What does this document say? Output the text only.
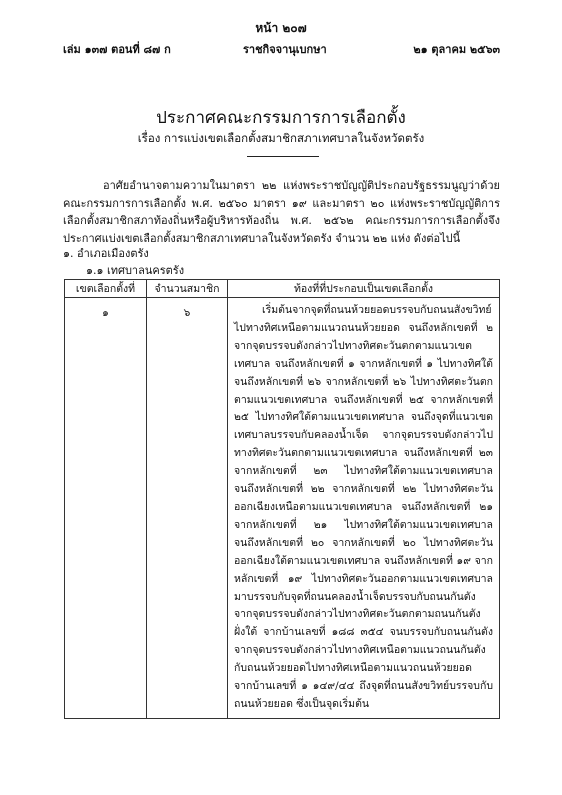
หน้า ๒๐๗
เล่ม ๑๓๗ ตอนที่ ๘๗ ก	ราชกิจจานุเบกษา	๒๑ ตุลาคม ๒๕๖๓
ประกาศคณะกรรมการการเลือกตั้ง
เรื่อง การแบ่งเขตเลือกตั้งสมาชิกสภาเทศบาลในจังหวัดตรัง
อาศัยอำนาจตามความในมาตรา ๒๒ แห่งพระราชบัญญัติประกอบรัฐธรรมนูญว่าด้วยคณะกรรมการการเลือกตั้ง พ.ศ. ๒๕๖๐ มาตรา ๑๙ และมาตรา ๒๐ แห่งพระราชบัญญัติการเลือกตั้งสมาชิกสภาท้องถิ่นหรือผู้บริหารท้องถิ่น พ.ศ. ๒๕๖๒ คณะกรรมการการเลือกตั้งจึงประกาศแบ่งเขตเลือกตั้งสมาชิกสภาเทศบาลในจังหวัดตรัง จำนวน ๒๒ แห่ง ดังต่อไปนี้
๑. อำเภอเมืองตรัง
๑.๑ เทศบาลนครตรัง
เขตเลือกตั้งที่	จำนวนสมาชิก	ท้องที่ที่ประกอบเป็นเขตเลือกตั้ง
๑	๖	เริ่มต้นจากจุดที่ถนนห้วยยอดบรรจบกับถนนสังขวิทย์ไปทางทิศเหนือตามแนวถนนห้วยยอด จนถึงหลักเขตที่ ๒ จากจุดบรรจบดังกล่าวไปทางทิศตะวันตกตามแนวเขตเทศบาล จนถึงหลักเขตที่ ๑ จากหลักเขตที่ ๑ ไปทางทิศใต้ จนถึงหลักเขตที่ ๒๖ จากหลักเขตที่ ๒๖ ไปทางทิศตะวันตกตามแนวเขตเทศบาล จนถึงหลักเขตที่ ๒๕ จากหลักเขตที่ ๒๕ ไปทางทิศใต้ตามแนวเขตเทศบาล จนถึงจุดที่แนวเขตเทศบาลบรรจบกับคลองน้ำเจ็ด จากจุดบรรจบดังกล่าวไปทางทิศตะวันตกตามแนวเขตเทศบาล จนถึงหลักเขตที่ ๒๓ จากหลักเขตที่ ๒๓ ไปทางทิศใต้ตามแนวเขตเทศบาล จนถึงหลักเขตที่ ๒๒ จากหลักเขตที่ ๒๒ ไปทางทิศตะวันออกเฉียงเหนือตามแนวเขตเทศบาล จนถึงหลักเขตที่ ๒๑ จากหลักเขตที่ ๒๑ ไปทางทิศใต้ตามแนวเขตเทศบาล จนถึงหลักเขตที่ ๒๐ จากหลักเขตที่ ๒๐ ไปทางทิศตะวันออกเฉียงใต้ตามแนวเขตเทศบาล จนถึงหลักเขตที่ ๑๙ จากหลักเขตที่ ๑๙ ไปทางทิศตะวันออกตามแนวเขตเทศบาลมาบรรจบกับจุดที่ถนนคลองน้ำเจ็ดบรรจบกับถนนกันตัง จากจุดบรรจบดังกล่าวไปทางทิศตะวันตกตามถนนกันตังฝั่งใต้ จากบ้านเลขที่ ๑๘๘ ๓๕๔ จนบรรจบกับถนนกันตัง จากจุดบรรจบดังกล่าวไปทางทิศเหนือตามแนวถนนกันตังกับถนนห้วยยอดไปทางทิศเหนือตามแนวถนนห้วยยอด จากบ้านเลขที่ ๑ ๑๔๙/๔๔ ถึงจุดที่ถนนสังขวิทย์บรรจบกับถนนห้วยยอด ซึ่งเป็นจุดเริ่มต้น
